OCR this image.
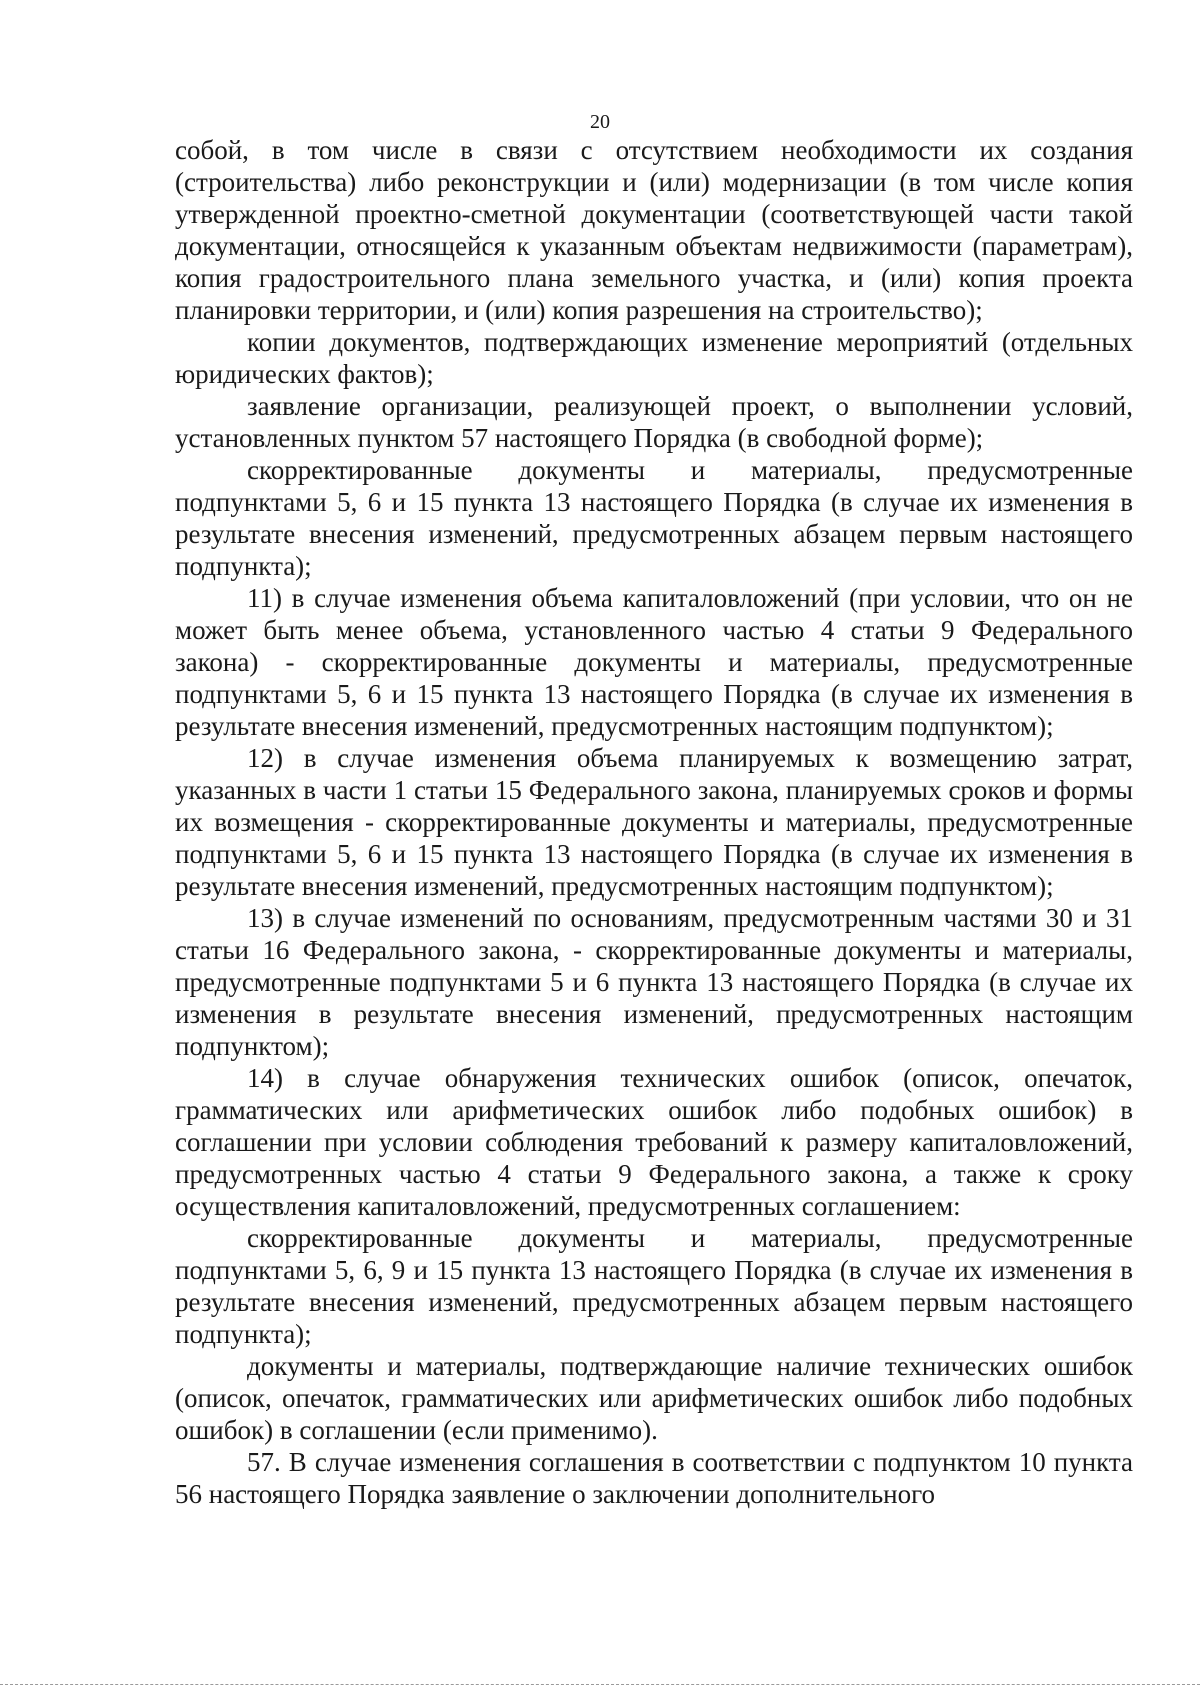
20

собой, в том числе в связи с отсутствием необходимости их создания (строительства) либо реконструкции и (или) модернизации (в том числе копия утвержденной проектно-сметной документации (соответствующей части такой документации, относящейся к указанным объектам недвижимости (параметрам), копия градостроительного плана земельного участка, и (или) копия проекта планировки территории, и (или) копия разрешения на строительство);

копии документов, подтверждающих изменение мероприятий (отдельных юридических фактов);

заявление организации, реализующей проект, о выполнении условий, установленных пунктом 57 настоящего Порядка (в свободной форме);

скорректированные документы и материалы, предусмотренные подпунктами 5, 6 и 15 пункта 13 настоящего Порядка (в случае их изменения в результате внесения изменений, предусмотренных абзацем первым настоящего подпункта);

11) в случае изменения объема капиталовложений (при условии, что он не может быть менее объема, установленного частью 4 статьи 9 Федерального закона) - скорректированные документы и материалы, предусмотренные подпунктами 5, 6 и 15 пункта 13 настоящего Порядка (в случае их изменения в результате внесения изменений, предусмотренных настоящим подпунктом);

12) в случае изменения объема планируемых к возмещению затрат, указанных в части 1 статьи 15 Федерального закона, планируемых сроков и формы их возмещения - скорректированные документы и материалы, предусмотренные подпунктами 5, 6 и 15 пункта 13 настоящего Порядка (в случае их изменения в результате внесения изменений, предусмотренных настоящим подпунктом);

13) в случае изменений по основаниям, предусмотренным частями 30 и 31 статьи 16 Федерального закона, - скорректированные документы и материалы, предусмотренные подпунктами 5 и 6 пункта 13 настоящего Порядка (в случае их изменения в результате внесения изменений, предусмотренных настоящим подпунктом);

14) в случае обнаружения технических ошибок (описок, опечаток, грамматических или арифметических ошибок либо подобных ошибок) в соглашении при условии соблюдения требований к размеру капиталовложений, предусмотренных частью 4 статьи 9 Федерального закона, а также к сроку осуществления капиталовложений, предусмотренных соглашением:

скорректированные документы и материалы, предусмотренные подпунктами 5, 6, 9 и 15 пункта 13 настоящего Порядка (в случае их изменения в результате внесения изменений, предусмотренных абзацем первым настоящего подпункта);

документы и материалы, подтверждающие наличие технических ошибок (описок, опечаток, грамматических или арифметических ошибок либо подобных ошибок) в соглашении (если применимо).

57. В случае изменения соглашения в соответствии с подпунктом 10 пункта 56 настоящего Порядка заявление о заключении дополнительного
